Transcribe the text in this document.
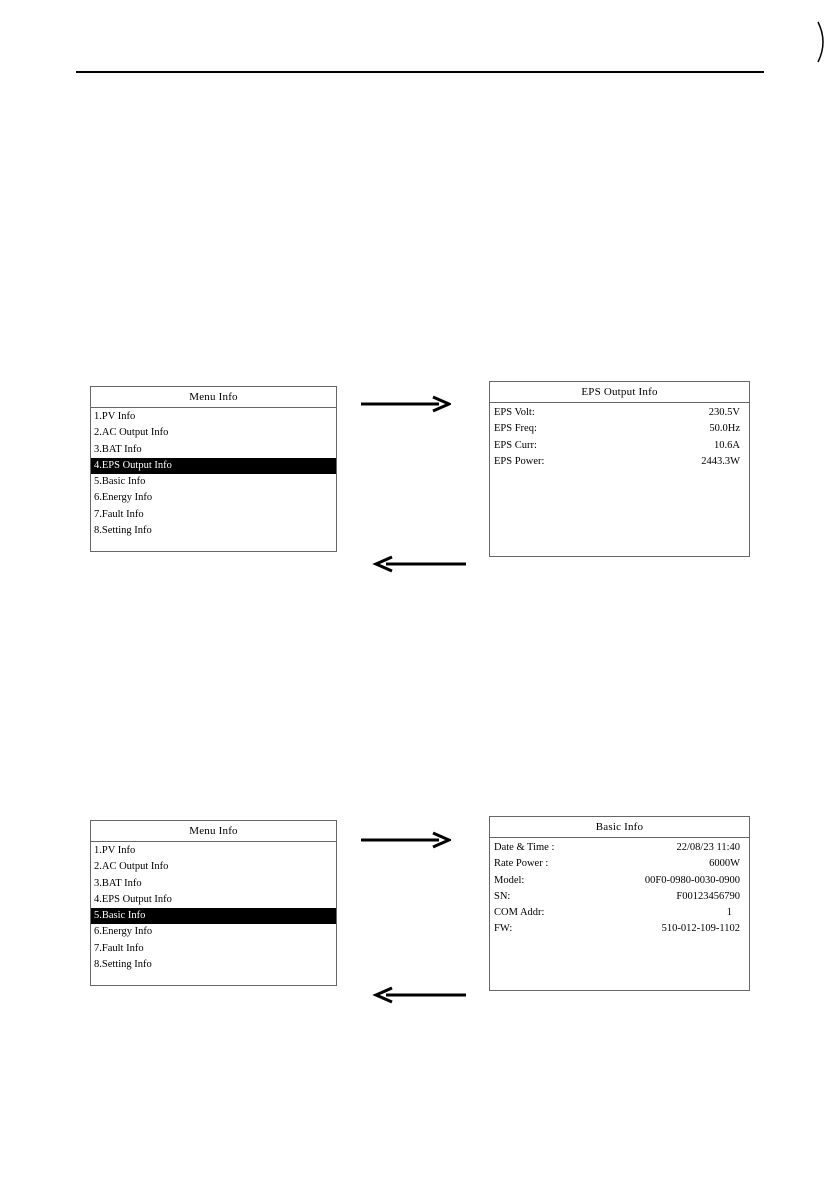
Menu Info
1.PV Info
2.AC Output Info
3.BAT Info
4.EPS Output Info
5.Basic Info
6.Energy Info
7.Fault Info
8.Setting Info
EPS Output Info
EPS Volt:	230.5V
EPS Freq:	50.0Hz
EPS Curr:	10.6A
EPS Power:	2443.3W
Menu Info
1.PV Info
2.AC Output Info
3.BAT Info
4.EPS Output Info
5.Basic Info
6.Energy Info
7.Fault Info
8.Setting Info
Basic Info
Date & Time :	22/08/23 11:40
Rate Power :	6000W
Model:	00F0-0980-0030-0900
SN:	F00123456790
COM Addr:	1
FW:	510-012-109-1102
